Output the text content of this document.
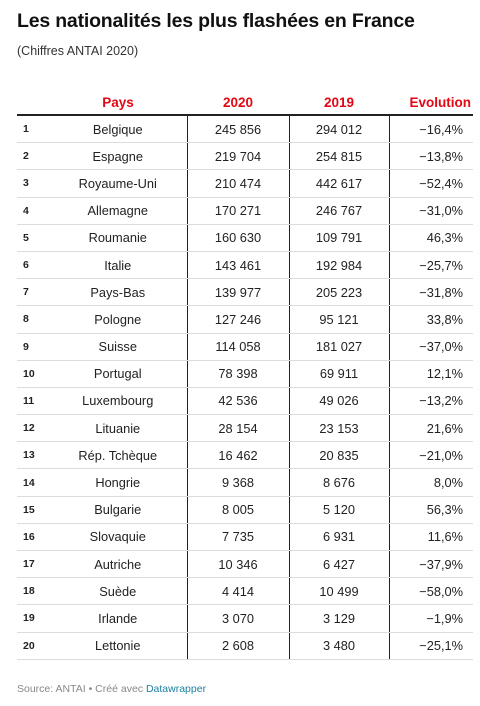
Les nationalités les plus flashées en France
(Chiffres ANTAI 2020)
	Pays	2020	2019	Evolution
1	Belgique	245 856	294 012	−16,4%
2	Espagne	219 704	254 815	−13,8%
3	Royaume-Uni	210 474	442 617	−52,4%
4	Allemagne	170 271	246 767	−31,0%
5	Roumanie	160 630	109 791	46,3%
6	Italie	143 461	192 984	−25,7%
7	Pays-Bas	139 977	205 223	−31,8%
8	Pologne	127 246	95 121	33,8%
9	Suisse	114 058	181 027	−37,0%
10	Portugal	78 398	69 911	12,1%
11	Luxembourg	42 536	49 026	−13,2%
12	Lituanie	28 154	23 153	21,6%
13	Rép. Tchèque	16 462	20 835	−21,0%
14	Hongrie	9 368	8 676	8,0%
15	Bulgarie	8 005	5 120	56,3%
16	Slovaquie	7 735	6 931	11,6%
17	Autriche	10 346	6 427	−37,9%
18	Suède	4 414	10 499	−58,0%
19	Irlande	3 070	3 129	−1,9%
20	Lettonie	2 608	3 480	−25,1%
Source: ANTAI • Créé avec Datawrapper
